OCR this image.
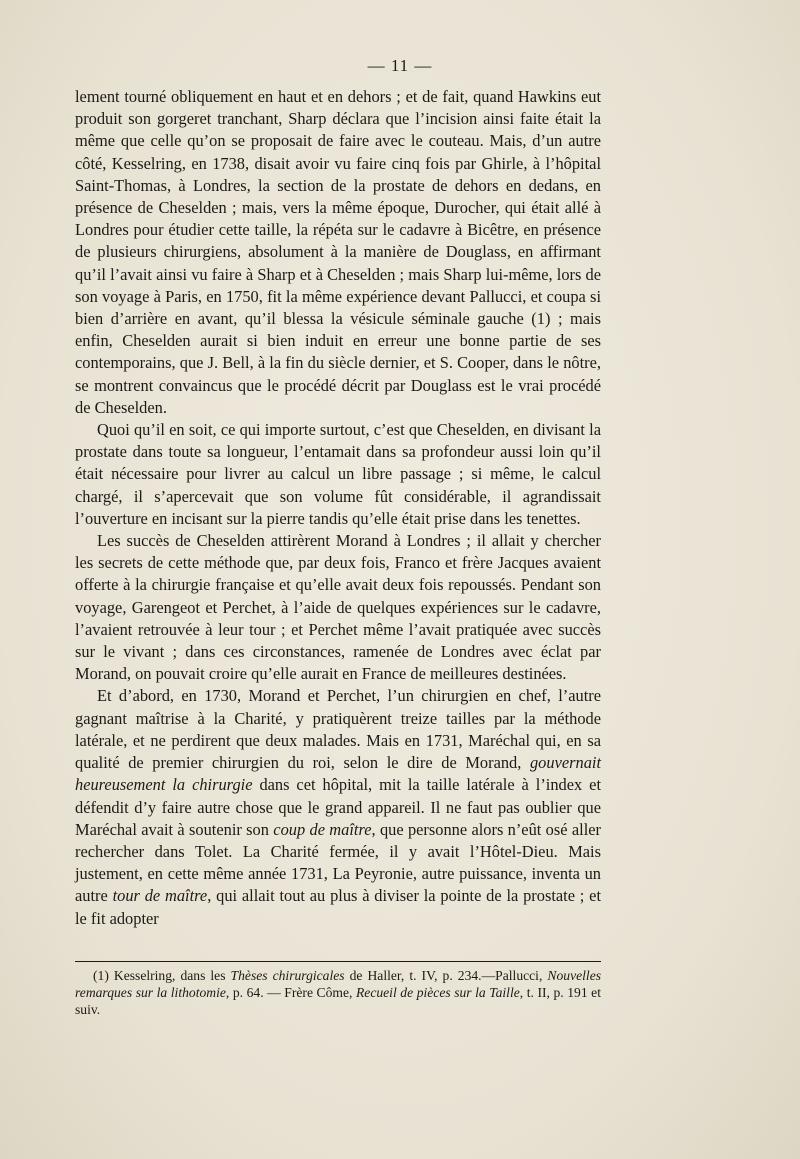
— 11 —

lement tourné obliquement en haut et en dehors ; et de fait, quand Hawkins eut produit son gorgeret tranchant, Sharp déclara que l’incision ainsi faite était la même que celle qu’on se proposait de faire avec le couteau. Mais, d’un autre côté, Kesselring, en 1738, disait avoir vu faire cinq fois par Ghirle, à l’hôpital Saint-Thomas, à Londres, la section de la prostate de dehors en dedans, en présence de Cheselden ; mais, vers la même époque, Durocher, qui était allé à Londres pour étudier cette taille, la répéta sur le cadavre à Bicêtre, en présence de plusieurs chirurgiens, absolument à la manière de Douglass, en affirmant qu’il l’avait ainsi vu faire à Sharp et à Cheselden ; mais Sharp lui-même, lors de son voyage à Paris, en 1750, fit la même expérience devant Pallucci, et coupa si bien d’arrière en avant, qu’il blessa la vésicule séminale gauche (1) ; mais enfin, Cheselden aurait si bien induit en erreur une bonne partie de ses contemporains, que J. Bell, à la fin du siècle dernier, et S. Cooper, dans le nôtre, se montrent convaincus que le procédé décrit par Douglass est le vrai procédé de Cheselden.

Quoi qu’il en soit, ce qui importe surtout, c’est que Cheselden, en divisant la prostate dans toute sa longueur, l’entamait dans sa profondeur aussi loin qu’il était nécessaire pour livrer au calcul un libre passage ; si même, le calcul chargé, il s’apercevait que son volume fût considérable, il agrandissait l’ouverture en incisant sur la pierre tandis qu’elle était prise dans les tenettes.

Les succès de Cheselden attirèrent Morand à Londres ; il allait y chercher les secrets de cette méthode que, par deux fois, Franco et frère Jacques avaient offerte à la chirurgie française et qu’elle avait deux fois repoussés. Pendant son voyage, Garengeot et Perchet, à l’aide de quelques expériences sur le cadavre, l’avaient retrouvée à leur tour ; et Perchet même l’avait pratiquée avec succès sur le vivant ; dans ces circonstances, ramenée de Londres avec éclat par Morand, on pouvait croire qu’elle aurait en France de meilleures destinées.

Et d’abord, en 1730, Morand et Perchet, l’un chirurgien en chef, l’autre gagnant maîtrise à la Charité, y pratiquèrent treize tailles par la méthode latérale, et ne perdirent que deux malades. Mais en 1731, Maréchal qui, en sa qualité de premier chirurgien du roi, selon le dire de Morand, gouvernait heureusement la chirurgie dans cet hôpital, mit la taille latérale à l’index et défendit d’y faire autre chose que le grand appareil. Il ne faut pas oublier que Maréchal avait à soutenir son coup de maître, que personne alors n’eût osé aller rechercher dans Tolet. La Charité fermée, il y avait l’Hôtel-Dieu. Mais justement, en cette même année 1731, La Peyronie, autre puissance, inventa un autre tour de maître, qui allait tout au plus à diviser la pointe de la prostate ; et le fit adopter

(1) Kesselring, dans les Thèses chirurgicales de Haller, t. IV, p. 234.—Pallucci, Nouvelles remarques sur la lithotomie, p. 64. — Frère Côme, Recueil de pièces sur la Taille, t. II, p. 191 et suiv.
